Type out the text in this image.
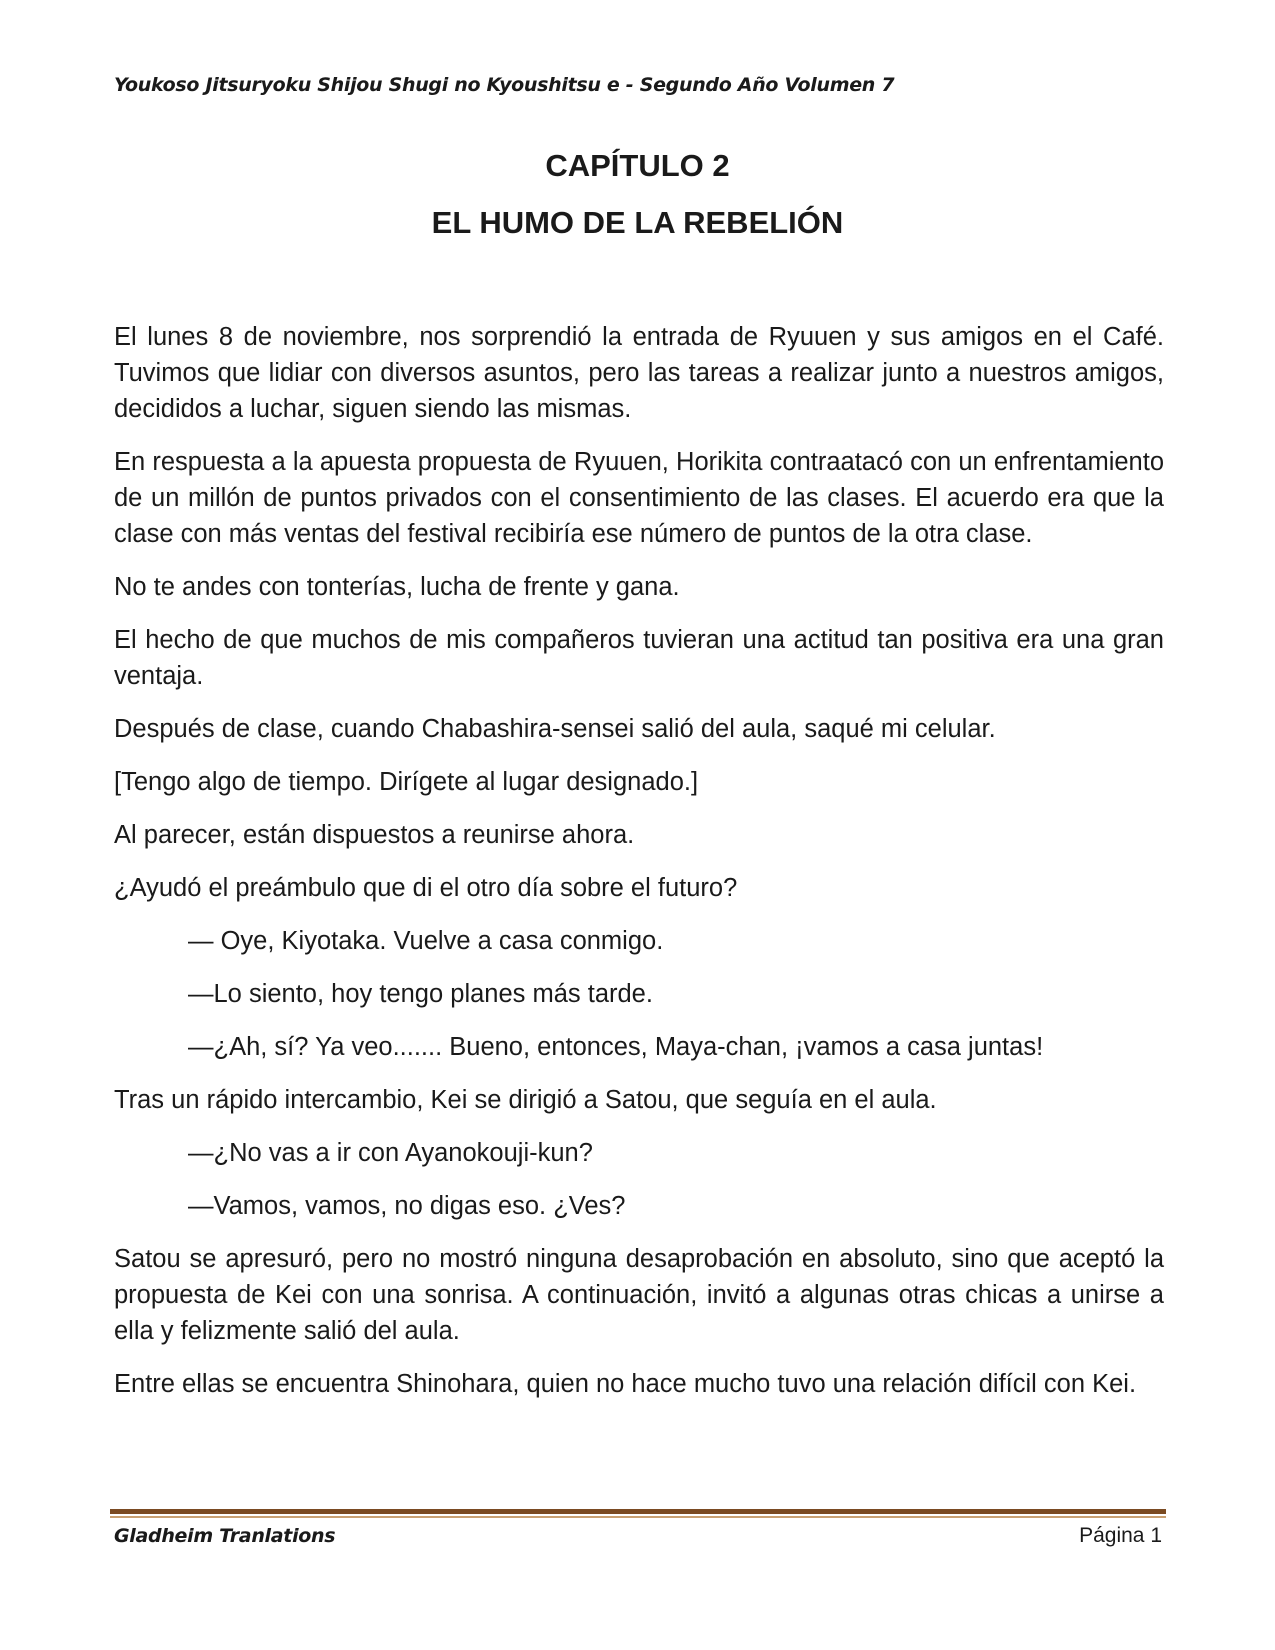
Youkoso Jitsuryoku Shijou Shugi no Kyoushitsu e - Segundo Año Volumen 7
CAPÍTULO 2
EL HUMO DE LA REBELIÓN

El lunes 8 de noviembre, nos sorprendió la entrada de Ryuuen y sus amigos en el Café. Tuvimos que lidiar con diversos asuntos, pero las tareas a realizar junto a nuestros amigos, decididos a luchar, siguen siendo las mismas.

En respuesta a la apuesta propuesta de Ryuuen, Horikita contraatacó con un enfrentamiento de un millón de puntos privados con el consentimiento de las clases. El acuerdo era que la clase con más ventas del festival recibiría ese número de puntos de la otra clase.

No te andes con tonterías, lucha de frente y gana.

El hecho de que muchos de mis compañeros tuvieran una actitud tan positiva era una gran ventaja.

Después de clase, cuando Chabashira-sensei salió del aula, saqué mi celular.

[Tengo algo de tiempo. Dirígete al lugar designado.]

Al parecer, están dispuestos a reunirse ahora.

¿Ayudó el preámbulo que di el otro día sobre el futuro?

— Oye, Kiyotaka. Vuelve a casa conmigo.

—Lo siento, hoy tengo planes más tarde.

—¿Ah, sí? Ya veo....... Bueno, entonces, Maya-chan, ¡vamos a casa juntas!

Tras un rápido intercambio, Kei se dirigió a Satou, que seguía en el aula.

—¿No vas a ir con Ayanokouji-kun?

—Vamos, vamos, no digas eso. ¿Ves?

Satou se apresuró, pero no mostró ninguna desaprobación en absoluto, sino que aceptó la propuesta de Kei con una sonrisa. A continuación, invitó a algunas otras chicas a unirse a ella y felizmente salió del aula.

Entre ellas se encuentra Shinohara, quien no hace mucho tuvo una relación difícil con Kei.

Gladheim Tranlations	Página 1
